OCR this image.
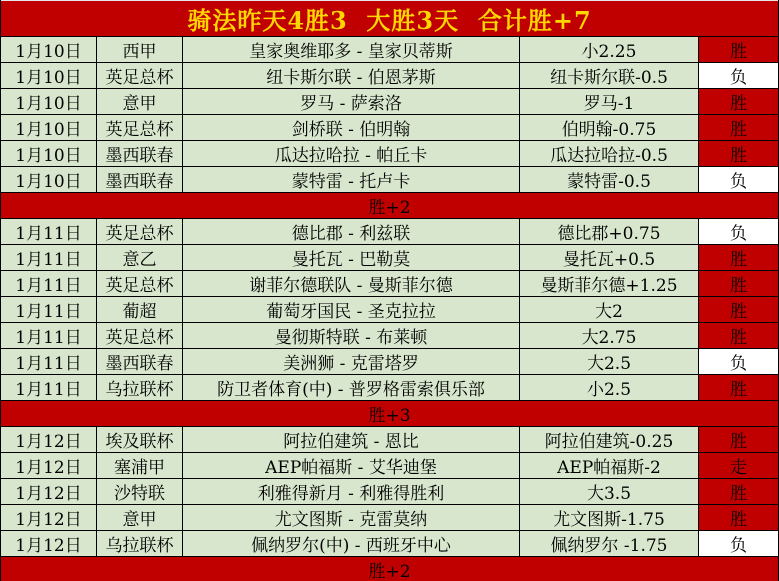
骑法昨天4胜3  大胜3天  合计胜+7
1月10日	西甲	皇家奥维耶多 - 皇家贝蒂斯	小2.25	胜
1月10日	英足总杯	纽卡斯尔联 - 伯恩茅斯	纽卡斯尔联-0.5	负
1月10日	意甲	罗马 - 萨索洛	罗马-1	胜
1月10日	英足总杯	剑桥联 - 伯明翰	伯明翰-0.75	胜
1月10日	墨西联春	瓜达拉哈拉 - 帕丘卡	瓜达拉哈拉-0.5	胜
1月10日	墨西联春	蒙特雷 - 托卢卡	蒙特雷-0.5	负
胜+2
1月11日	英足总杯	德比郡 - 利兹联	德比郡+0.75	负
1月11日	意乙	曼托瓦 - 巴勒莫	曼托瓦+0.5	胜
1月11日	英足总杯	谢菲尔德联队 - 曼斯菲尔德	曼斯菲尔德+1.25	胜
1月11日	葡超	葡萄牙国民 - 圣克拉拉	大2	胜
1月11日	英足总杯	曼彻斯特联 - 布莱顿	大2.75	胜
1月11日	墨西联春	美洲狮 - 克雷塔罗	大2.5	负
1月11日	乌拉联杯	防卫者体育(中) - 普罗格雷索俱乐部	小2.5	胜
胜+3
1月12日	埃及联杯	阿拉伯建筑 - 恩比	阿拉伯建筑-0.25	胜
1月12日	塞浦甲	AEP帕福斯 - 艾华迪堡	AEP帕福斯-2	走
1月12日	沙特联	利雅得新月 - 利雅得胜利	大3.5	胜
1月12日	意甲	尤文图斯 - 克雷莫纳	尤文图斯-1.75	胜
1月12日	乌拉联杯	佩纳罗尔(中) - 西班牙中心	佩纳罗尔 -1.75	负
胜+2
